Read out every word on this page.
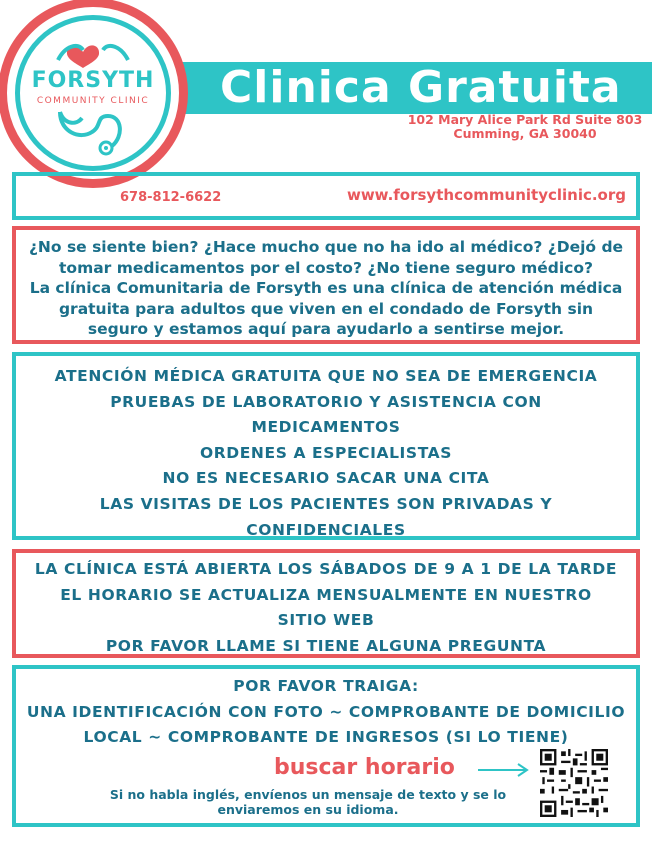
Clinica Gratuita
102 Mary Alice Park Rd Suite 803
Cumming, GA 30040
FORSYTH
COMMUNITY CLINIC
678-812-6622	www.forsythcommunityclinic.org

¿No se siente bien? ¿Hace mucho que no ha ido al médico? ¿Dejó de

tomar medicamentos por el costo? ¿No tiene seguro médico?

La clínica Comunitaria de Forsyth es una clínica de atención médica

gratuita para adultos que viven en el condado de Forsyth sin

seguro y estamos aquí para ayudarlo a sentirse mejor.

ATENCIÓN MÉDICA GRATUITA QUE NO SEA DE EMERGENCIA

PRUEBAS DE LABORATORIO Y ASISTENCIA CON

MEDICAMENTOS

ORDENES A ESPECIALISTAS

NO ES NECESARIO SACAR UNA CITA

LAS VISITAS DE LOS PACIENTES SON PRIVADAS Y

CONFIDENCIALES

LA CLÍNICA ESTÁ ABIERTA LOS SÁBADOS DE 9 A 1 DE LA TARDE

EL HORARIO SE ACTUALIZA MENSUALMENTE EN NUESTRO

SITIO WEB

POR FAVOR LLAME SI TIENE ALGUNA PREGUNTA

POR FAVOR TRAIGA:

UNA IDENTIFICACIÓN CON FOTO ~ COMPROBANTE DE DOMICILIO

LOCAL ~ COMPROBANTE DE INGRESOS (SI LO TIENE)

buscar horario
Si no habla inglés, envíenos un mensaje de texto y se lo enviaremos en su idioma.
